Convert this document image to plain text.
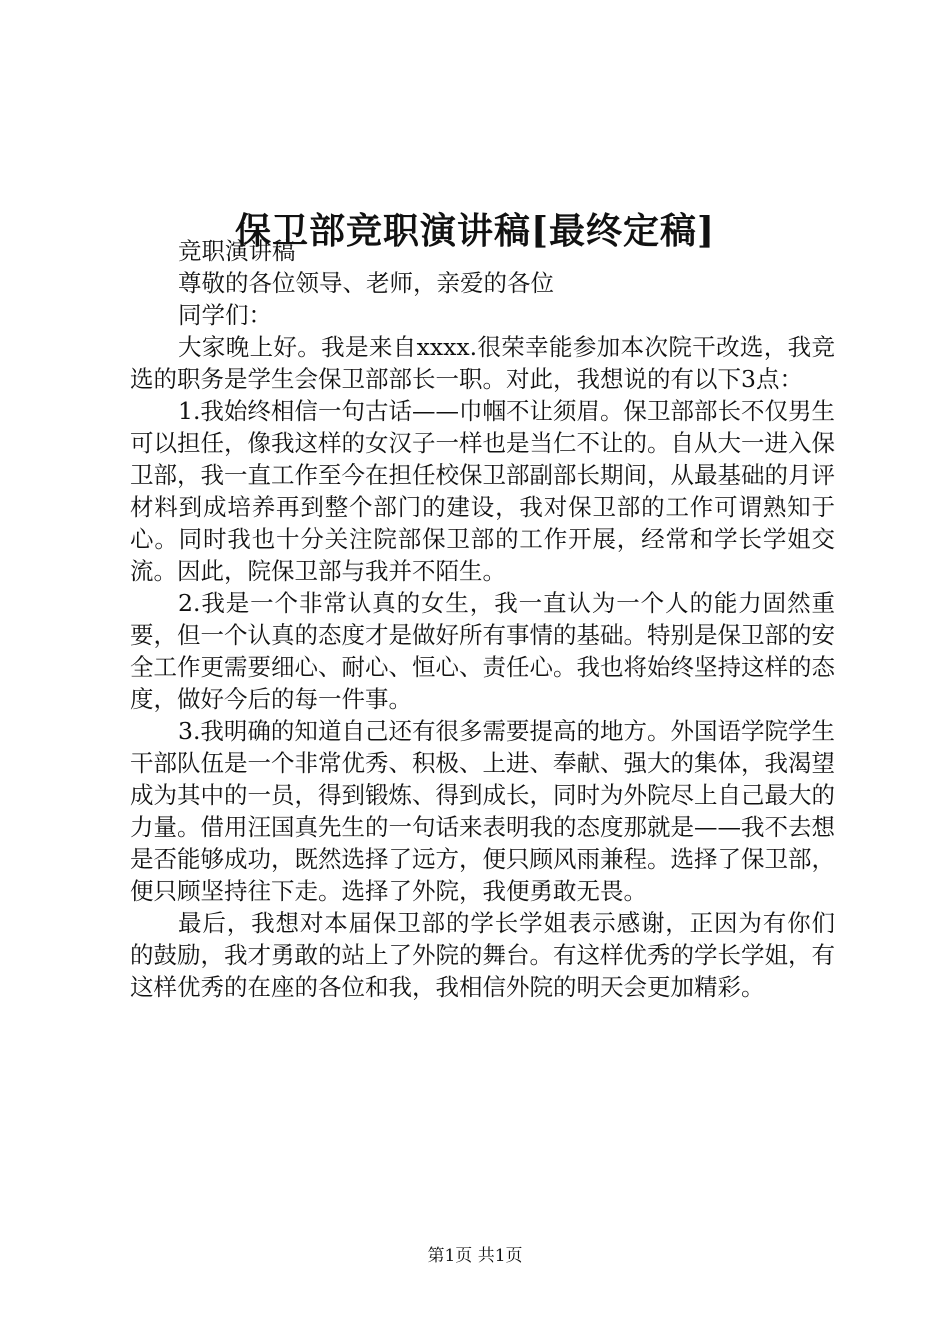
保卫部竞职演讲稿[最终定稿]

竞职演讲稿

尊敬的各位领导、老师，亲爱的各位

同学们：

大家晚上好。我是来自xxxx.很荣幸能参加本次院干改选，我竞选的职务是学生会保卫部部长一职。对此，我想说的有以下3点：

1.我始终相信一句古话——巾帼不让须眉。保卫部部长不仅男生可以担任，像我这样的女汉子一样也是当仁不让的。自从大一进入保卫部，我一直工作至今在担任校保卫部副部长期间，从最基础的月评材料到成培养再到整个部门的建设，我对保卫部的工作可谓熟知于心。同时我也十分关注院部保卫部的工作开展，经常和学长学姐交流。因此，院保卫部与我并不陌生。

2.我是一个非常认真的女生，我一直认为一个人的能力固然重要，但一个认真的态度才是做好所有事情的基础。特别是保卫部的安全工作更需要细心、耐心、恒心、责任心。我也将始终坚持这样的态度，做好今后的每一件事。

3.我明确的知道自己还有很多需要提高的地方。外国语学院学生干部队伍是一个非常优秀、积极、上进、奉献、强大的集体，我渴望成为其中的一员，得到锻炼、得到成长，同时为外院尽上自己最大的力量。借用汪国真先生的一句话来表明我的态度那就是——我不去想是否能够成功，既然选择了远方，便只顾风雨兼程。选择了保卫部，便只顾坚持往下走。选择了外院，我便勇敢无畏。

最后，我想对本届保卫部的学长学姐表示感谢，正因为有你们的鼓励，我才勇敢的站上了外院的舞台。有这样优秀的学长学姐，有这样优秀的在座的各位和我，我相信外院的明天会更加精彩。

第1页 共1页
